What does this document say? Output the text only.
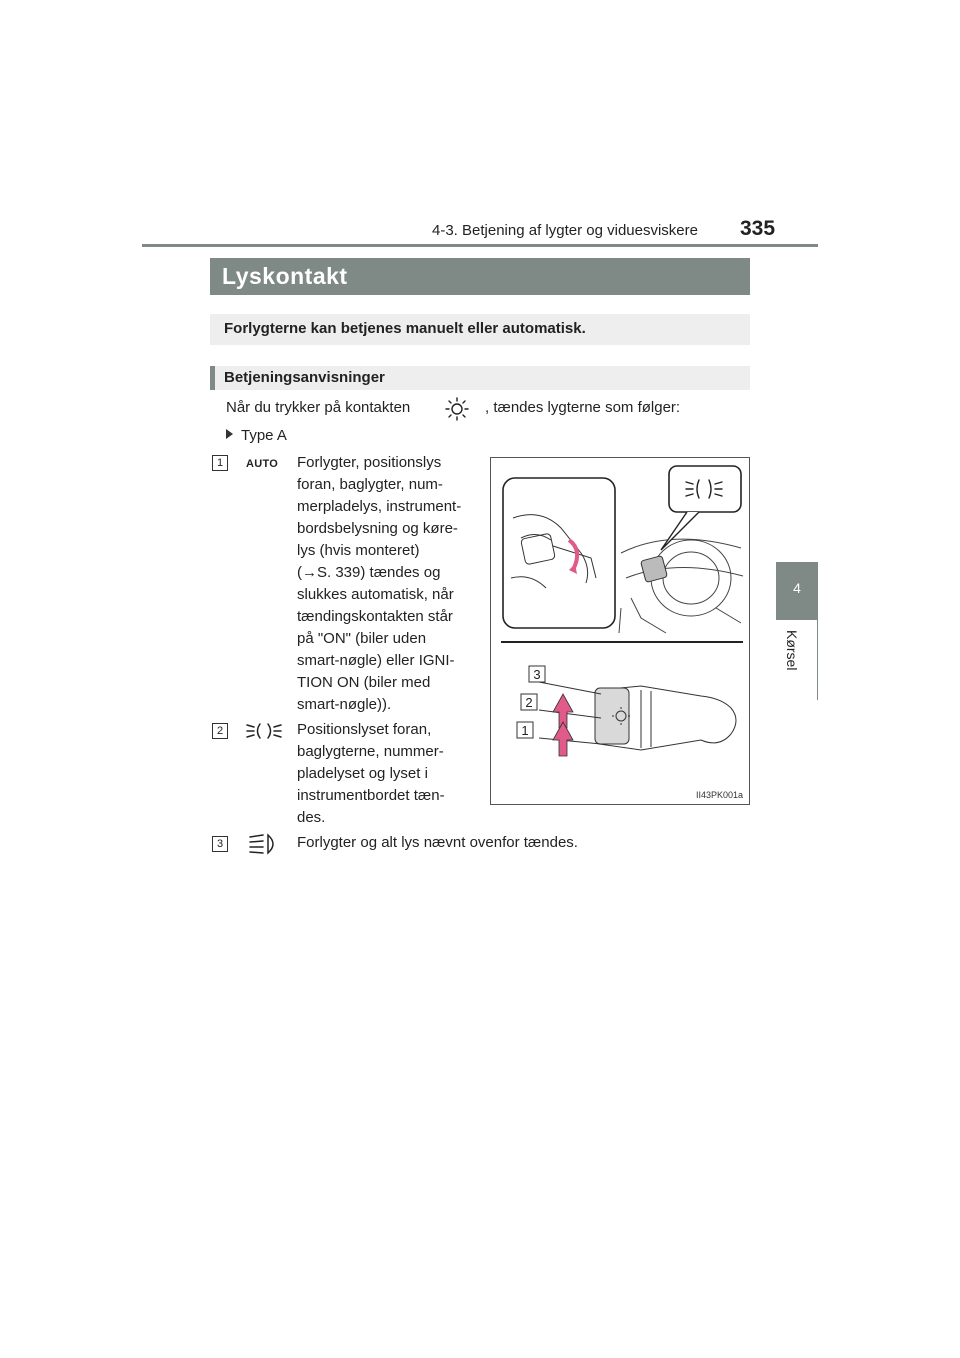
4-3. Betjening af lygter og viduesviskere 335
4
Kørsel
Lyskontakt
Forlygterne kan betjenes manuelt eller automatisk.
Betjeningsanvisninger
Når du trykker på kontakten	, tændes lygterne som følger:
Type A
1	AUTO Forlygter, positionslys
foran, baglygter, num-
merpladelys, instrument-
bordsbelysning og køre-
lys (hvis monteret)
(→S. 339) tændes og
slukkes automatisk, når
tændingskontakten står
på "ON" (biler uden
smart-nøgle) eller IGNI-
TION ON (biler med
smart-nøgle)).
2	Positionslyset foran,
baglygterne, nummer-
pladelyset og lyset i
instrumentbordet tæn-
des.
3	Forlygter og alt lys nævnt ovenfor tændes.
3
2
1
II43PK001a
